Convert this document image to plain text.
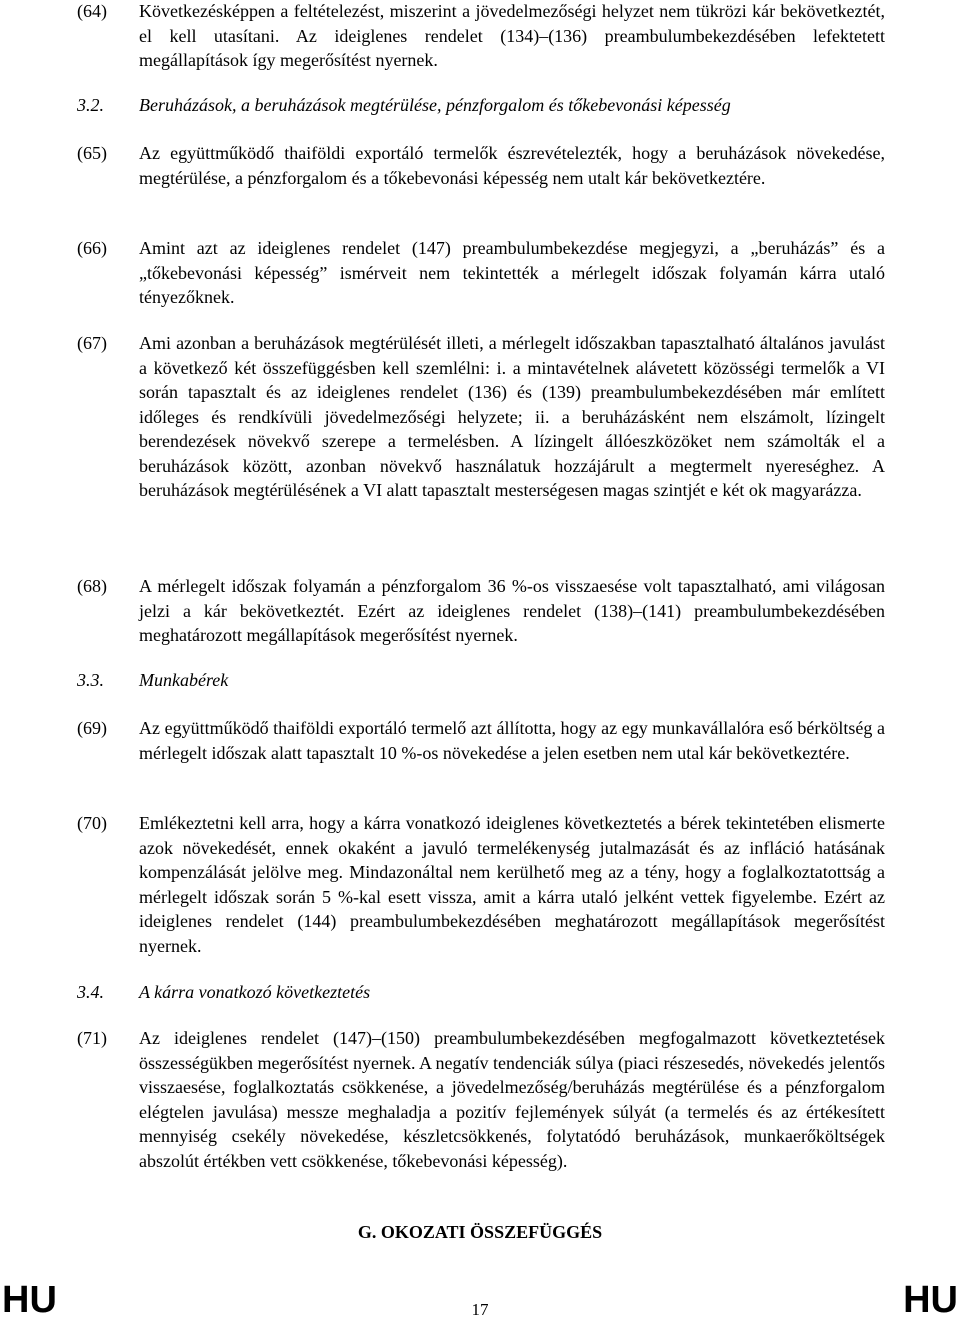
(64) Következésképpen a feltételezést, miszerint a jövedelmezőségi helyzet nem tükrözi kár bekövetkeztét, el kell utasítani. Az ideiglenes rendelet (134)–(136) preambulumbekezdésében lefektetett megállapítások így megerősítést nyernek.
3.2. Beruházások, a beruházások megtérülése, pénzforgalom és tőkebevonási képesség
(65) Az együttműködő thaiföldi exportáló termelők észrevételezték, hogy a beruházások növekedése, megtérülése, a pénzforgalom és a tőkebevonási képesség nem utalt kár bekövetkeztére.
(66) Amint azt az ideiglenes rendelet (147) preambulumbekezdése megjegyzi, a „beruházás” és a „tőkebevonási képesség” ismérveit nem tekintették a mérlegelt időszak folyamán kárra utaló tényezőknek.
(67) Ami azonban a beruházások megtérülését illeti, a mérlegelt időszakban tapasztalható általános javulást a következő két összefüggésben kell szemlélni: i. a mintavételnek alávetett közösségi termelők a VI során tapasztalt és az ideiglenes rendelet (136) és (139) preambulumbekezdésében már említett időleges és rendkívüli jövedelmezőségi helyzete; ii. a beruházásként nem elszámolt, lízingelt berendezések növekvő szerepe a termelésben. A lízingelt állóeszközöket nem számolták el a beruházások között, azonban növekvő használatuk hozzájárult a megtermelt nyereséghez. A beruházások megtérülésének a VI alatt tapasztalt mesterségesen magas szintjét e két ok magyarázza.
(68) A mérlegelt időszak folyamán a pénzforgalom 36 %-os visszaesése volt tapasztalható, ami világosan jelzi a kár bekövetkeztét. Ezért az ideiglenes rendelet (138)–(141) preambulumbekezdésében meghatározott megállapítások megerősítést nyernek.
3.3. Munkabérek
(69) Az együttműködő thaiföldi exportáló termelő azt állította, hogy az egy munkavállalóra eső bérköltség a mérlegelt időszak alatt tapasztalt 10 %-os növekedése a jelen esetben nem utal kár bekövetkeztére.
(70) Emlékeztetni kell arra, hogy a kárra vonatkozó ideiglenes következtetés a bérek tekintetében elismerte azok növekedését, ennek okaként a javuló termelékenység jutalmazását és az infláció hatásának kompenzálását jelölve meg. Mindazonáltal nem kerülhető meg az a tény, hogy a foglalkoztatottság a mérlegelt időszak során 5 %-kal esett vissza, amit a kárra utaló jelként vettek figyelembe. Ezért az ideiglenes rendelet (144) preambulumbekezdésében meghatározott megállapítások megerősítést nyernek.
3.4. A kárra vonatkozó következtetés
(71) Az ideiglenes rendelet (147)–(150) preambulumbekezdésében megfogalmazott következtetések összességükben megerősítést nyernek. A negatív tendenciák súlya (piaci részesedés, növekedés jelentős visszaesése, foglalkoztatás csökkenése, a jövedelmezőség/beruházás megtérülése és a pénzforgalom elégtelen javulása) messze meghaladja a pozitív fejlemények súlyát (a termelés és az értékesített mennyiség csekély növekedése, készletcsökkenés, folytatódó beruházások, munkaerőköltségek abszolút értékben vett csökkenése, tőkebevonási képesség).
G. OKOZATI ÖSSZEFÜGGÉS
HU	17	HU
